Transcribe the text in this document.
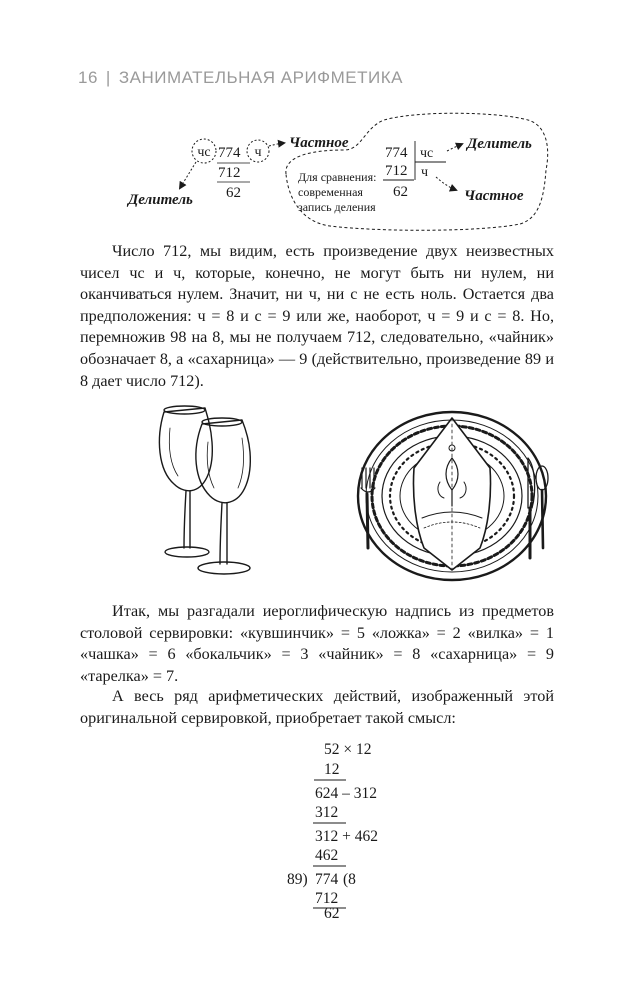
16 | ЗАНИМАТЕЛЬНАЯ АРИФМЕТИКА
чс 774 ч
712
62
Частное
Делитель
Для сравнения:
современная
запись деления
774 чс
712 ч
62
Делитель
Частное
Число 712, мы видим, есть произведение двух неизвестных чисел чс и ч, которые, конечно, не могут быть ни нулем, ни оканчиваться нулем. Значит, ни ч, ни с не есть ноль. Остается два предположения: ч = 8 и с = 9 или же, наоборот, ч = 9 и с = 8. Но, перемножив 98 на 8, мы не получаем 712, следовательно, «чайник» обозначает 8, а «сахарница» — 9 (действительно, произведение 89 и 8 дает число 712).
Итак, мы разгадали иероглифическую надпись из предметов столовой сервировки: «кувшинчик» = 5 «ложка» = 2 «вилка» = 1 «чашка» = 6 «бокальчик» = 3 «чайник» = 8 «сахарница» = 9 «тарелка» = 7.
А весь ряд арифметических действий, изображенный этой оригинальной сервировкой, приобретает такой смысл:
52 × 12
12
624 – 312
312
312 + 462
462
89) 774 (8
712
62
